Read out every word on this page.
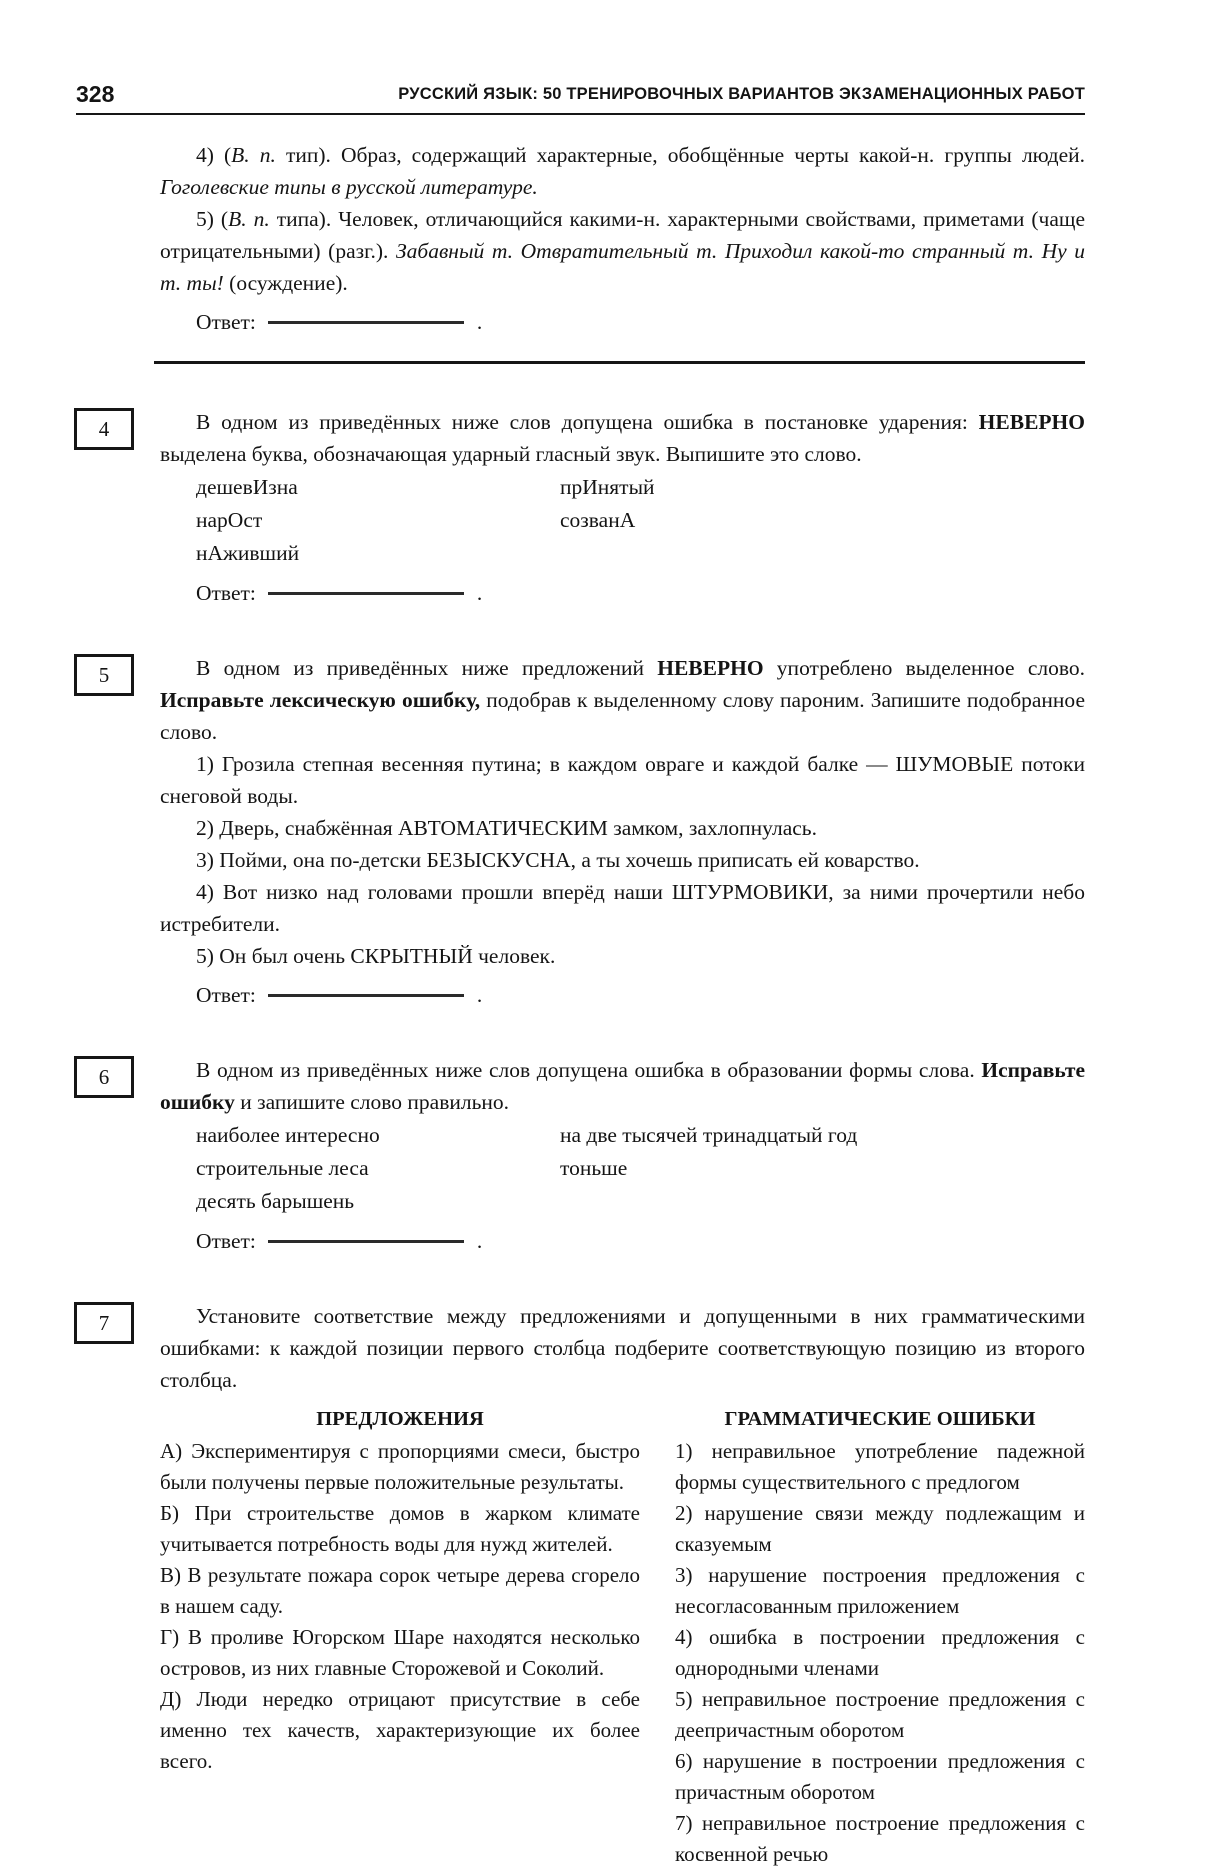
328	РУССКИЙ ЯЗЫК: 50 ТРЕНИРОВОЧНЫХ ВАРИАНТОВ ЭКЗАМЕНАЦИОННЫХ РАБОТ

4) (В. п. тип). Образ, содержащий характерные, обобщённые черты какой-н. группы людей. Гоголевские типы в русской литературе.

5) (В. п. типа). Человек, отличающийся какими-н. характерными свойствами, приметами (чаще отрицательными) (разг.). Забавный т. Отвратительный т. Приходил какой-то странный т. Ну и т. ты! (осуждение).

Ответ:	.

4	В одном из приведённых ниже слов допущена ошибка в постановке ударения: НЕВЕРНО выделена буква, обозначающая ударный гласный звук. Выпишите это слово.

дешевИзна	прИнятый
нарОст	созванА
нАживший

Ответ:	.

5	В одном из приведённых ниже предложений НЕВЕРНО употреблено выделенное слово. Исправьте лексическую ошибку, подобрав к выделенному слову пароним. Запишите подобранное слово.

1) Грозила степная весенняя путина; в каждом овраге и каждой балке — ШУМОВЫЕ потоки снеговой воды.

2) Дверь, снабжённая АВТОМАТИЧЕСКИМ замком, захлопнулась.

3) Пойми, она по-детски БЕЗЫСКУСНА, а ты хочешь приписать ей коварство.

4) Вот низко над головами прошли вперёд наши ШТУРМОВИКИ, за ними прочертили небо истребители.

5) Он был очень СКРЫТНЫЙ человек.

Ответ:	.

6	В одном из приведённых ниже слов допущена ошибка в образовании формы слова. Исправьте ошибку и запишите слово правильно.

наиболее интересно	на две тысячей тринадцатый год
строительные леса	тоньше
десять барышень

Ответ:	.

7	Установите соответствие между предложениями и допущенными в них грамматическими ошибками: к каждой позиции первого столбца подберите соответствующую позицию из второго столбца.

ПРЕДЛОЖЕНИЯ

А) Экспериментируя с пропорциями смеси, быстро были получены первые положительные результаты.

Б) При строительстве домов в жарком климате учитывается потребность воды для нужд жителей.

В) В результате пожара сорок четыре дерева сгорело в нашем саду.

Г) В проливе Югорском Шаре находятся несколько островов, из них главные Сторожевой и Соколий.

Д) Люди нередко отрицают присутствие в себе именно тех качеств, характеризующие их более всего.

ГРАММАТИЧЕСКИЕ ОШИБКИ

1) неправильное употребление падежной формы существительного с предлогом

2) нарушение связи между подлежащим и сказуемым

3) нарушение построения предложения с несогласованным приложением

4) ошибка в построении предложения с однородными членами

5) неправильное построение предложения с деепричастным оборотом

6) нарушение в построении предложения с причастным оборотом

7) неправильное построение предложения с косвенной речью
